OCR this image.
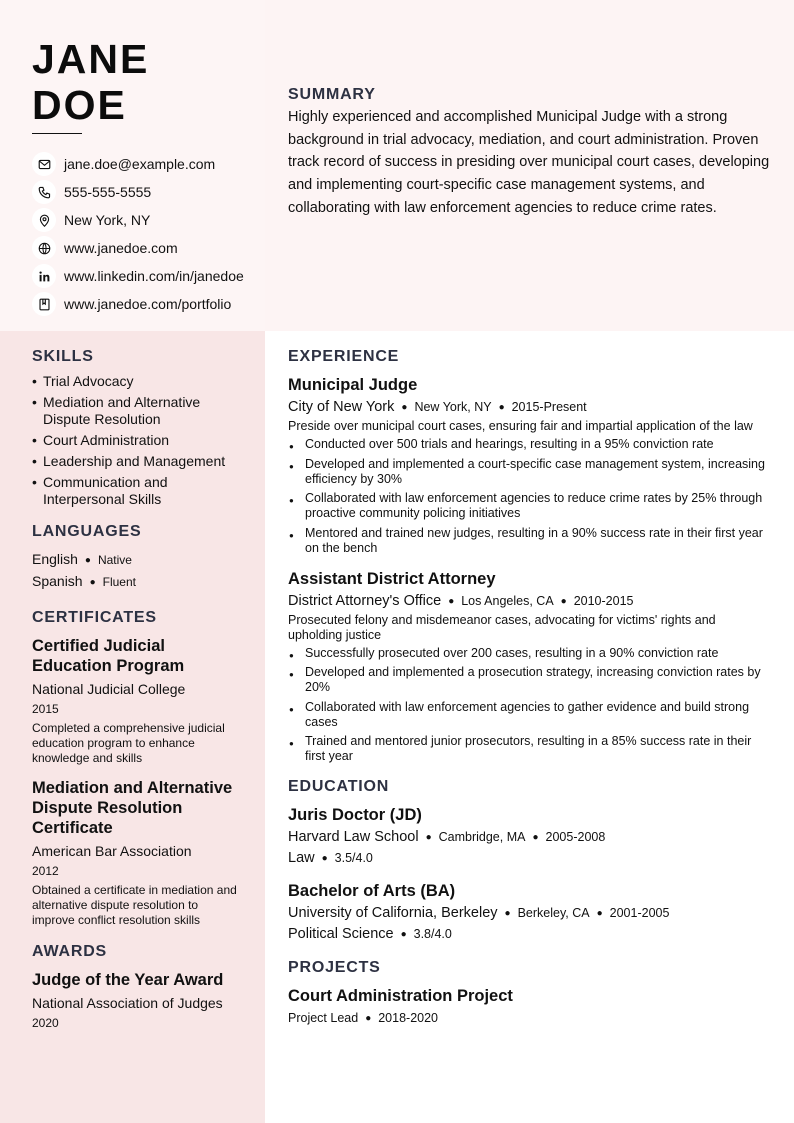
JANE
DOE
jane.doe@example.com
555-555-5555
New York, NY
www.janedoe.com
www.linkedin.com/in/janedoe
www.janedoe.com/portfolio
SUMMARY

Highly experienced and accomplished Municipal Judge with a strong background in trial advocacy, mediation, and court administration. Proven track record of success in presiding over municipal court cases, developing and implementing court-specific case management systems, and collaborating with law enforcement agencies to reduce crime rates.

SKILLS
• Trial Advocacy
• Mediation and Alternative Dispute Resolution
• Court Administration
• Leadership and Management
• Communication and Interpersonal Skills
LANGUAGES
English ● Native
Spanish ● Fluent
CERTIFICATES
Certified Judicial Education Program
National Judicial College
2015
Completed a comprehensive judicial education program to enhance knowledge and skills
Mediation and Alternative Dispute Resolution Certificate
American Bar Association
2012
Obtained a certificate in mediation and alternative dispute resolution to improve conflict resolution skills
AWARDS
Judge of the Year Award
National Association of Judges
2020
EXPERIENCE
Municipal Judge
City of New York ● New York, NY ● 2015-Present
Preside over municipal court cases, ensuring fair and impartial application of the law
● Conducted over 500 trials and hearings, resulting in a 95% conviction rate
● Developed and implemented a court-specific case management system, increasing efficiency by 30%
● Collaborated with law enforcement agencies to reduce crime rates by 25% through proactive community policing initiatives
● Mentored and trained new judges, resulting in a 90% success rate in their first year on the bench
Assistant District Attorney
District Attorney's Office ● Los Angeles, CA ● 2010-2015
Prosecuted felony and misdemeanor cases, advocating for victims' rights and upholding justice
● Successfully prosecuted over 200 cases, resulting in a 90% conviction rate
● Developed and implemented a prosecution strategy, increasing conviction rates by 20%
● Collaborated with law enforcement agencies to gather evidence and build strong cases
● Trained and mentored junior prosecutors, resulting in a 85% success rate in their first year
EDUCATION
Juris Doctor (JD)
Harvard Law School ● Cambridge, MA ● 2005-2008
Law ● 3.5/4.0
Bachelor of Arts (BA)
University of California, Berkeley ● Berkeley, CA ● 2001-2005
Political Science ● 3.8/4.0
PROJECTS
Court Administration Project
Project Lead ● 2018-2020
